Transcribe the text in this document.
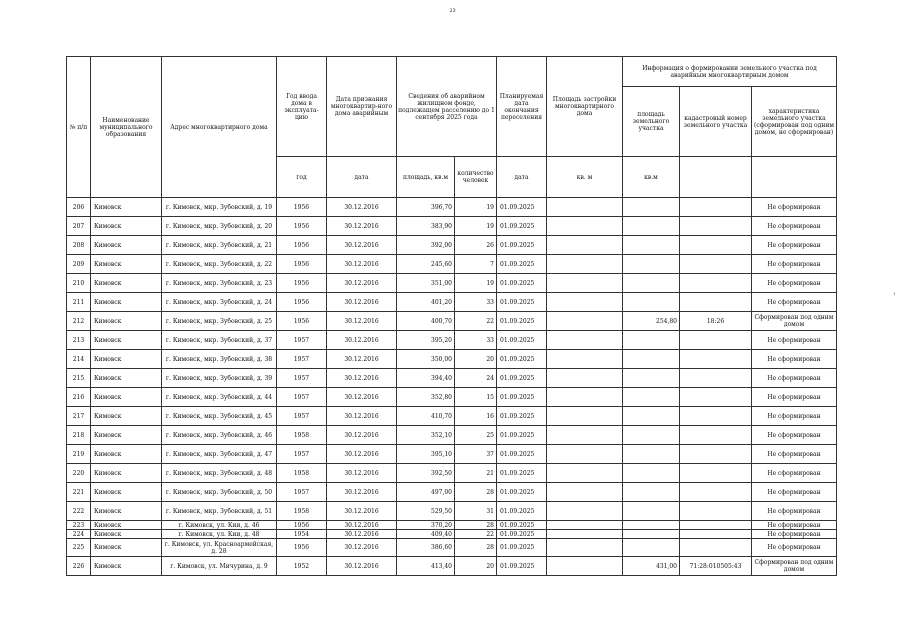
23
1
№ п/п	Наименование муниципального образования	Адрес многоквартирного дома	Год ввода дома в эксплуата-цию	Дата признания многоквартир-ного дома аварийным	Сведения об аварийном жилищном фонде, подлежащем расселению до 1 сентября 2025 года		Планируемая дата окончания переселения	Площадь застройки многоквартирного дома	Информация о формировании земельного участка под аварийным многоквартирным домом		
									площадь земельного участка	кадастровый номер земельного участка	характеристика земельного участка (сформирован под одним домом, не сформирован)
			год	дата	площадь, кв.м	количество человек	дата	кв. м	кв.м		
206	Кимовск	г. Кимовск, мкр. Зубовский, д. 19	1956	30.12.2016	396,70	19	01.09.2025				Не сформирован
207	Кимовск	г. Кимовск, мкр. Зубовский, д. 20	1956	30.12.2016	383,90	19	01.09.2025				Не сформирован
208	Кимовск	г. Кимовск, мкр. Зубовский, д. 21	1956	30.12.2016	392,00	26	01.09.2025				Не сформирован
209	Кимовск	г. Кимовск, мкр. Зубовский, д. 22	1956	30.12.2016	245,60	7	01.09.2025				Не сформирован
210	Кимовск	г. Кимовск, мкр. Зубовский, д. 23	1956	30.12.2016	351,00	19	01.09.2025				Не сформирован
211	Кимовск	г. Кимовск, мкр. Зубовский, д. 24	1956	30.12.2016	401,20	33	01.09.2025				Не сформирован
212	Кимовск	г. Кимовск, мкр. Зубовский, д. 25	1956	30.12.2016	400,70	22	01.09.2025		254,80	18:26	Сформирован под одним домом
213	Кимовск	г. Кимовск, мкр. Зубовский, д. 37	1957	30.12.2016	395,20	33	01.09.2025				Не сформирован
214	Кимовск	г. Кимовск, мкр. Зубовский, д. 38	1957	30.12.2016	350,00	20	01.09.2025				Не сформирован
215	Кимовск	г. Кимовск, мкр. Зубовский, д. 39	1957	30.12.2016	394,40	24	01.09.2025				Не сформирован
216	Кимовск	г. Кимовск, мкр. Зубовский, д. 44	1957	30.12.2016	352,80	15	01.09.2025				Не сформирован
217	Кимовск	г. Кимовск, мкр. Зубовский, д. 45	1957	30.12.2016	410,70	16	01.09.2025				Не сформирован
218	Кимовск	г. Кимовск, мкр. Зубовский, д. 46	1958	30.12.2016	352,10	25	01.09.2025				Не сформирован
219	Кимовск	г. Кимовск, мкр. Зубовский, д. 47	1957	30.12.2016	395,10	37	01.09.2025				Не сформирован
220	Кимовск	г. Кимовск, мкр. Зубовский, д. 48	1958	30.12.2016	392,50	21	01.09.2025				Не сформирован
221	Кимовск	г. Кимовск, мкр. Зубовский, д. 50	1957	30.12.2016	497,00	28	01.09.2025				Не сформирован
222	Кимовск	г. Кимовск, мкр. Зубовский, д. 51	1958	30.12.2016	529,50	31	01.09.2025				Не сформирован
223	Кимовск	г. Кимовск, ул. Кии, д. 46	1956	30.12.2016	370,20	28	01.09.2025				Не сформирован
224	Кимовск	г. Кимовск, ул. Кии, д. 48	1954	30.12.2016	409,40	22	01.09.2025				Не сформирован
225	Кимовск	г. Кимовск, ул. Красноармейская, д. 28	1956	30.12.2016	386,60	28	01.09.2025				Не сформирован
226	Кимовск	г. Кимовск, ул. Мичурина, д. 9	1952	30.12.2016	413,40	20	01.09.2025		431,00	71:28:010505:43	Сформирован под одним домом
